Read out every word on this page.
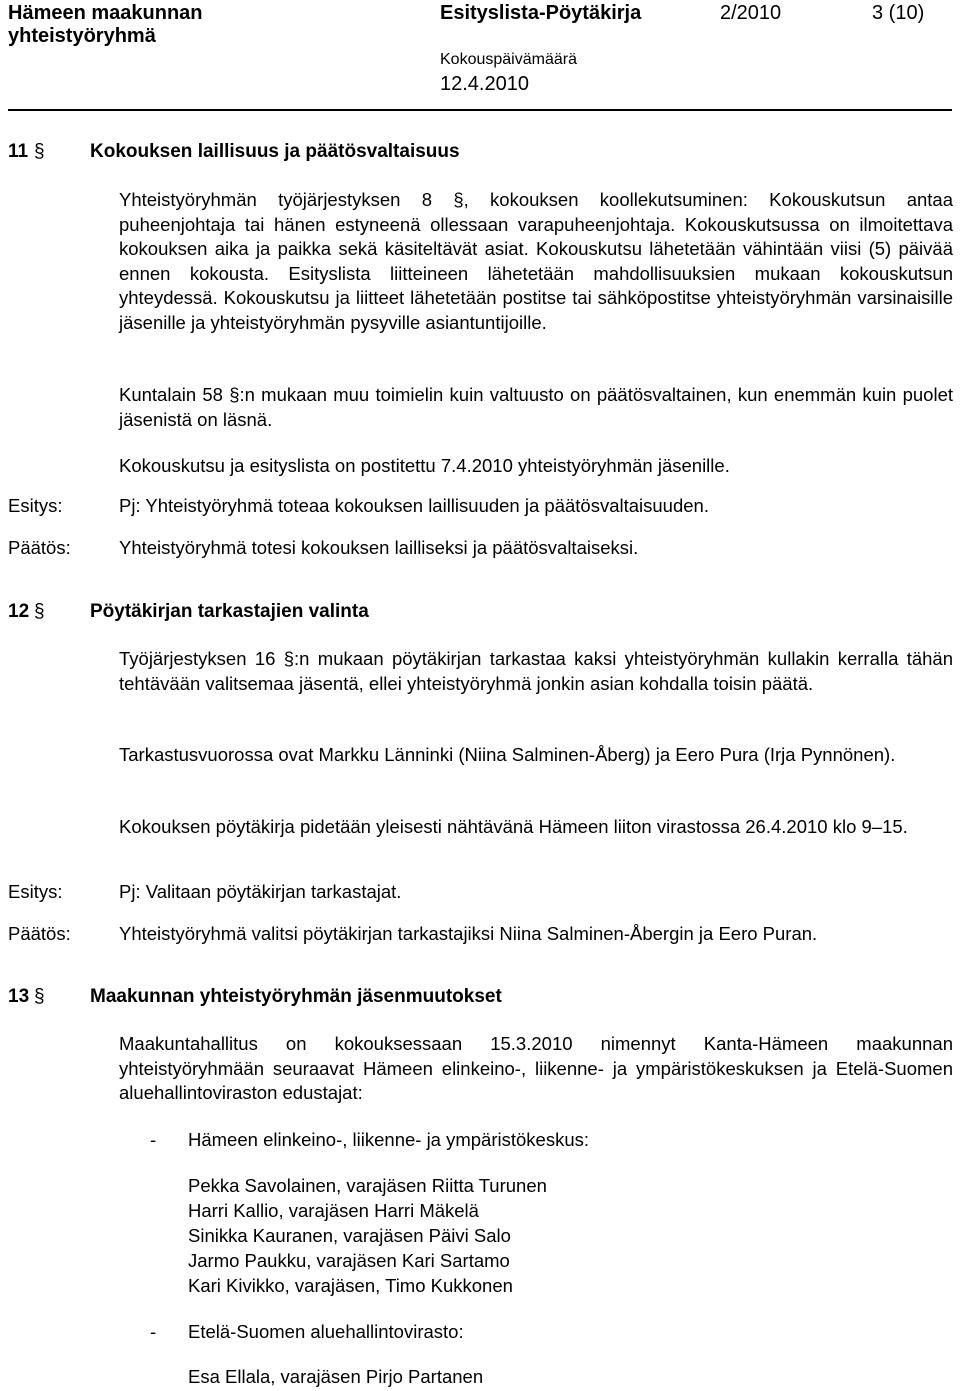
Hämeen maakunnan
yhteistyöryhmä
Esityslista-Pöytäkirja	2/2010	3 (10)
Kokouspäivämäärä
12.4.2010
11 § Kokouksen laillisuus ja päätösvaltaisuus
Yhteistyöryhmän työjärjestyksen 8 §, kokouksen koollekutsuminen: Kokouskutsun antaa puheenjohtaja tai hänen estyneenä ollessaan varapuheenjohtaja. Kokouskutsussa on ilmoitettava kokouksen aika ja paikka sekä käsiteltävät asiat. Kokouskutsu lähetetään vähintään viisi (5) päivää ennen kokousta. Esityslista liitteineen lähetetään mahdollisuuksien mukaan kokouskutsun yhteydessä. Kokouskutsu ja liitteet lähetetään postitse tai sähköpostitse yhteistyöryhmän varsinaisille jäsenille ja yhteistyöryhmän pysyville asiantuntijoille.
Kuntalain 58 §:n mukaan muu toimielin kuin valtuusto on päätösvaltainen, kun enemmän kuin puolet jäsenistä on läsnä.
Kokouskutsu ja esityslista on postitettu 7.4.2010 yhteistyöryhmän jäsenille.
Esitys:	Pj: Yhteistyöryhmä toteaa kokouksen laillisuuden ja päätösvaltaisuuden.
Päätös:	Yhteistyöryhmä totesi kokouksen lailliseksi ja päätösvaltaiseksi.
12 § Pöytäkirjan tarkastajien valinta
Työjärjestyksen 16 §:n mukaan pöytäkirjan tarkastaa kaksi yhteistyöryhmän kullakin kerralla tähän tehtävään valitsemaa jäsentä, ellei yhteistyöryhmä jonkin asian kohdalla toisin päätä.
Tarkastusvuorossa ovat Markku Länninki (Niina Salminen-Åberg) ja Eero Pura (Irja Pynnönen).
Kokouksen pöytäkirja pidetään yleisesti nähtävänä Hämeen liiton virastossa 26.4.2010 klo 9–15.
Esitys:	Pj: Valitaan pöytäkirjan tarkastajat.
Päätös:	Yhteistyöryhmä valitsi pöytäkirjan tarkastajiksi Niina Salminen-Åbergin ja Eero Puran.
13 § Maakunnan yhteistyöryhmän jäsenmuutokset
Maakuntahallitus on kokouksessaan 15.3.2010 nimennyt Kanta-Hämeen maakunnan yhteistyöryhmään seuraavat Hämeen elinkeino-, liikenne- ja ympäristökeskuksen ja Etelä-Suomen aluehallintoviraston edustajat:
- Hämeen elinkeino-, liikenne- ja ympäristökeskus:
Pekka Savolainen, varajäsen Riitta Turunen
Harri Kallio, varajäsen Harri Mäkelä
Sinikka Kauranen, varajäsen Päivi Salo
Jarmo Paukku, varajäsen Kari Sartamo
Kari Kivikko, varajäsen, Timo Kukkonen
- Etelä-Suomen aluehallintovirasto:
Esa Ellala, varajäsen Pirjo Partanen
